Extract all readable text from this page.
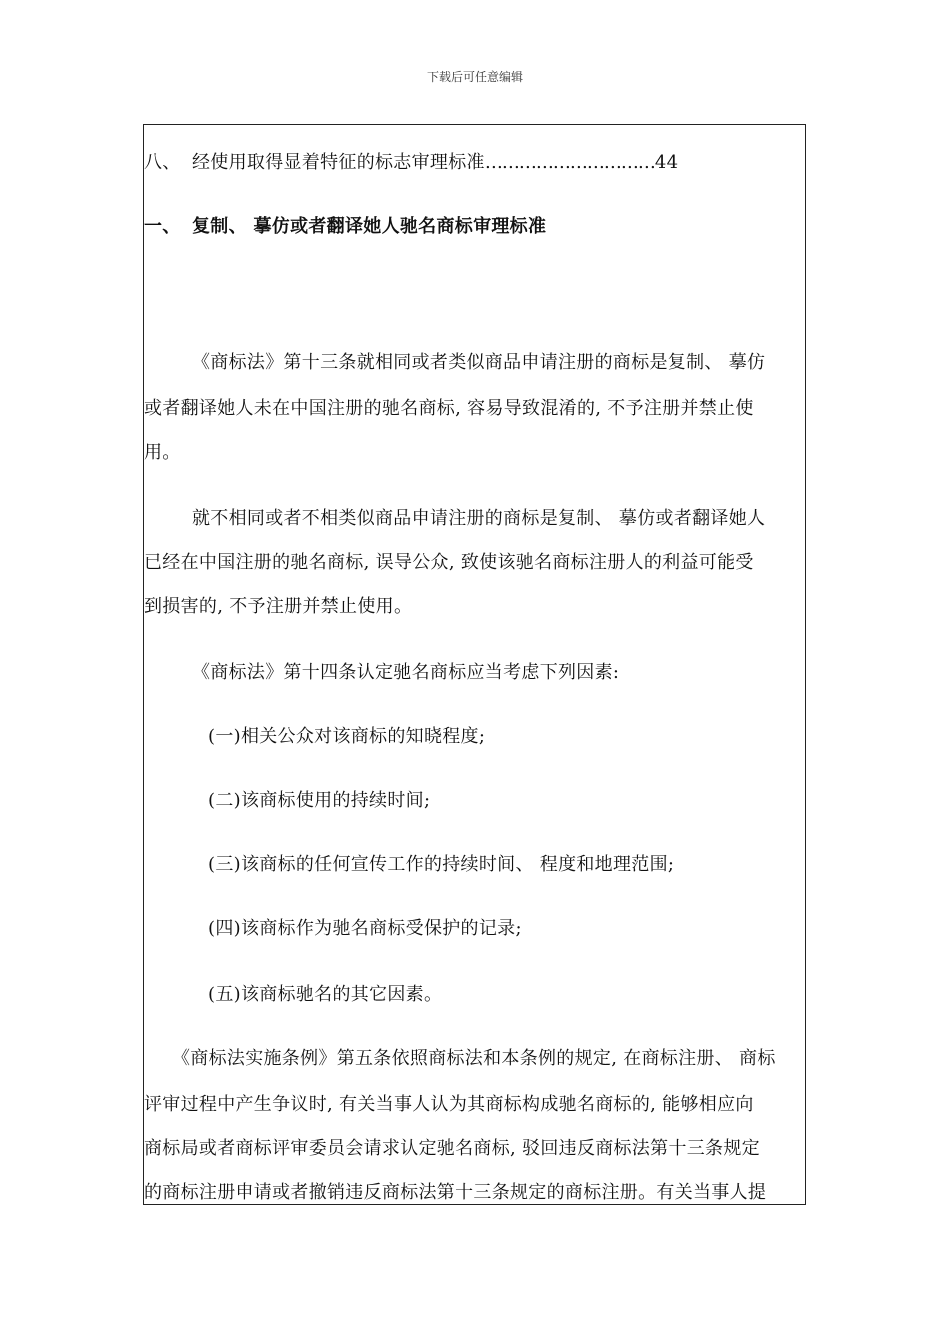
下载后可任意编辑
八、 经使用取得显着特征的标志审理标准…………………………44
一、 复制、 摹仿或者翻译她人驰名商标审理标准
《商标法》第十三条就相同或者类似商品申请注册的商标是复制、 摹仿
或者翻译她人未在中国注册的驰名商标, 容易导致混淆的, 不予注册并禁止使
用。
就不相同或者不相类似商品申请注册的商标是复制、 摹仿或者翻译她人
已经在中国注册的驰名商标, 误导公众, 致使该驰名商标注册人的利益可能受
到损害的, 不予注册并禁止使用。
《商标法》第十四条认定驰名商标应当考虑下列因素:
(一)相关公众对该商标的知晓程度;
(二)该商标使用的持续时间;
(三)该商标的任何宣传工作的持续时间、 程度和地理范围;
(四)该商标作为驰名商标受保护的记录;
(五)该商标驰名的其它因素。
《商标法实施条例》第五条依照商标法和本条例的规定, 在商标注册、 商标
评审过程中产生争议时, 有关当事人认为其商标构成驰名商标的, 能够相应向
商标局或者商标评审委员会请求认定驰名商标, 驳回违反商标法第十三条规定
的商标注册申请或者撤销违反商标法第十三条规定的商标注册。有关当事人提
